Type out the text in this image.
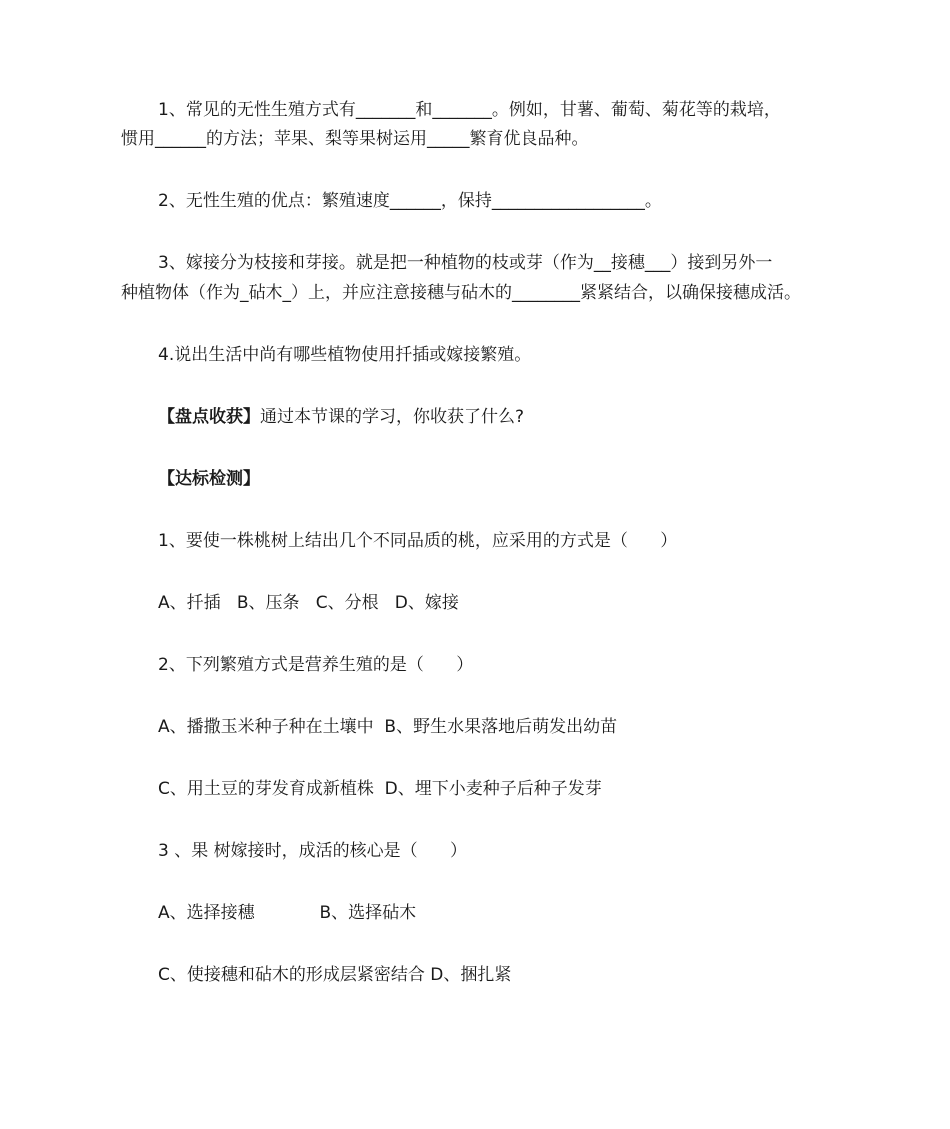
1、常见的无性生殖方式有_______和_______。例如，甘薯、葡萄、菊花等的栽培，
惯用______的方法；苹果、梨等果树运用_____繁育优良品种。
2、无性生殖的优点：繁殖速度______，保持__________________。
3、嫁接分为枝接和芽接。就是把一种植物的枝或芽（作为__接穗___）接到另外一
种植物体（作为_砧木_）上，并应注意接穗与砧木的________紧紧结合，以确保接穗成活。
4.说出生活中尚有哪些植物使用扦插或嫁接繁殖。
【盘点收获】通过本节课的学习，你收获了什么?
【达标检测】
1、要使一株桃树上结出几个不同品质的桃，应采用的方式是（      ）
A、扦插   B、压条   C、分根   D、嫁接
2、下列繁殖方式是营养生殖的是（      ）
A、播撒玉米种子种在土壤中  B、野生水果落地后萌发出幼苗
C、用土豆的芽发育成新植株  D、埋下小麦种子后种子发芽
3 、果 树嫁接时，成活的核心是（      ）
A、选择接穗            B、选择砧木
C、使接穗和砧木的形成层紧密结合 D、捆扎紧
